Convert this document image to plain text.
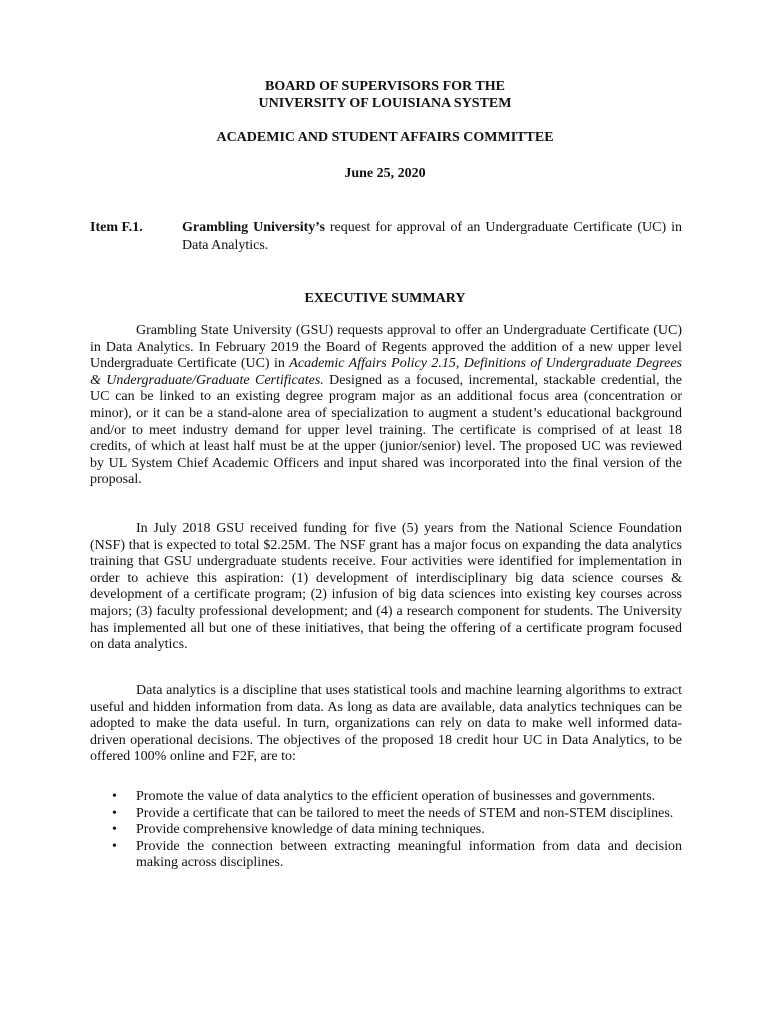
BOARD OF SUPERVISORS FOR THE
UNIVERSITY OF LOUISIANA SYSTEM
ACADEMIC AND STUDENT AFFAIRS COMMITTEE
June 25, 2020
Item F.1.	Grambling University’s request for approval of an Undergraduate Certificate (UC) in Data Analytics.
EXECUTIVE SUMMARY

Grambling State University (GSU) requests approval to offer an Undergraduate Certificate (UC) in Data Analytics. In February 2019 the Board of Regents approved the addition of a new upper level Undergraduate Certificate (UC) in Academic Affairs Policy 2.15, Definitions of Undergraduate Degrees & Undergraduate/Graduate Certificates. Designed as a focused, incremental, stackable credential, the UC can be linked to an existing degree program major as an additional focus area (concentration or minor), or it can be a stand-alone area of specialization to augment a student’s educational background and/or to meet industry demand for upper level training. The certificate is comprised of at least 18 credits, of which at least half must be at the upper (junior/senior) level. The proposed UC was reviewed by UL System Chief Academic Officers and input shared was incorporated into the final version of the proposal.

In July 2018 GSU received funding for five (5) years from the National Science Foundation (NSF) that is expected to total $2.25M. The NSF grant has a major focus on expanding the data analytics training that GSU undergraduate students receive. Four activities were identified for implementation in order to achieve this aspiration: (1) development of interdisciplinary big data science courses & development of a certificate program; (2) infusion of big data sciences into existing key courses across majors; (3) faculty professional development; and (4) a research component for students. The University has implemented all but one of these initiatives, that being the offering of a certificate program focused on data analytics.

Data analytics is a discipline that uses statistical tools and machine learning algorithms to extract useful and hidden information from data. As long as data are available, data analytics techniques can be adopted to make the data useful. In turn, organizations can rely on data to make well informed data-driven operational decisions. The objectives of the proposed 18 credit hour UC in Data Analytics, to be offered 100% online and F2F, are to:

• Promote the value of data analytics to the efficient operation of businesses and governments.
• Provide a certificate that can be tailored to meet the needs of STEM and non-STEM disciplines.
• Provide comprehensive knowledge of data mining techniques.
• Provide the connection between extracting meaningful information from data and decision making across disciplines.
